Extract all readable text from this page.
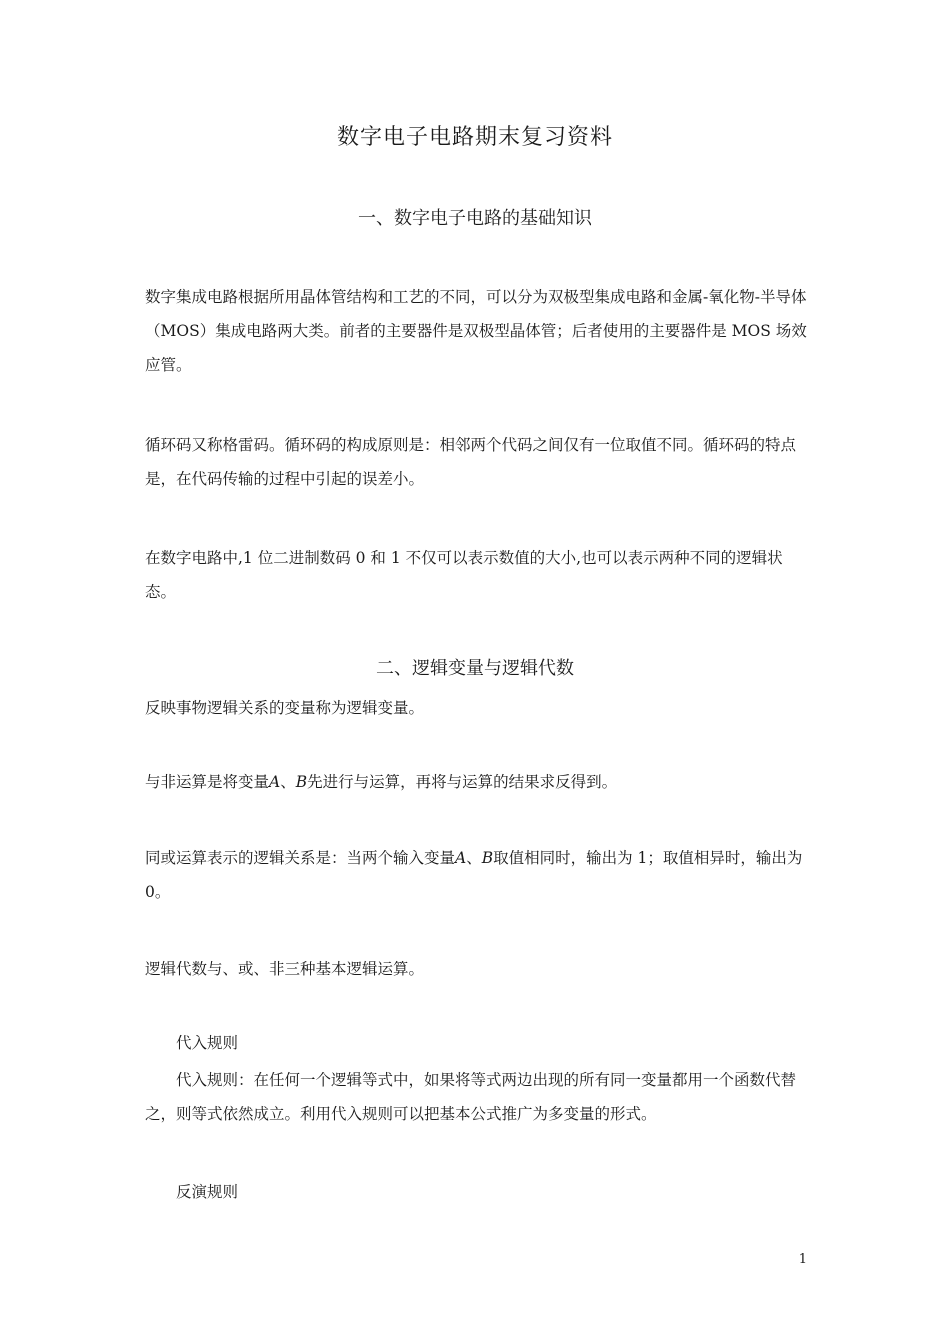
数字电子电路期末复习资料
一、数字电子电路的基础知识

数字集成电路根据所用晶体管结构和工艺的不同，可以分为双极型集成电路和金属-氧化物-半导体（MOS）集成电路两大类。前者的主要器件是双极型晶体管；后者使用的主要器件是 MOS 场效应管。

循环码又称格雷码。循环码的构成原则是：相邻两个代码之间仅有一位取值不同。循环码的特点是，在代码传输的过程中引起的误差小。

在数字电路中,1 位二进制数码 0 和 1 不仅可以表示数值的大小,也可以表示两种不同的逻辑状态。

二、逻辑变量与逻辑代数

反映事物逻辑关系的变量称为逻辑变量。

与非运算是将变量A、B先进行与运算，再将与运算的结果求反得到。

同或运算表示的逻辑关系是：当两个输入变量A、B取值相同时，输出为 1；取值相异时，输出为 0。

逻辑代数与、或、非三种基本逻辑运算。

代入规则

代入规则：在任何一个逻辑等式中，如果将等式两边出现的所有同一变量都用一个函数代替之，则等式依然成立。利用代入规则可以把基本公式推广为多变量的形式。

反演规则
1
